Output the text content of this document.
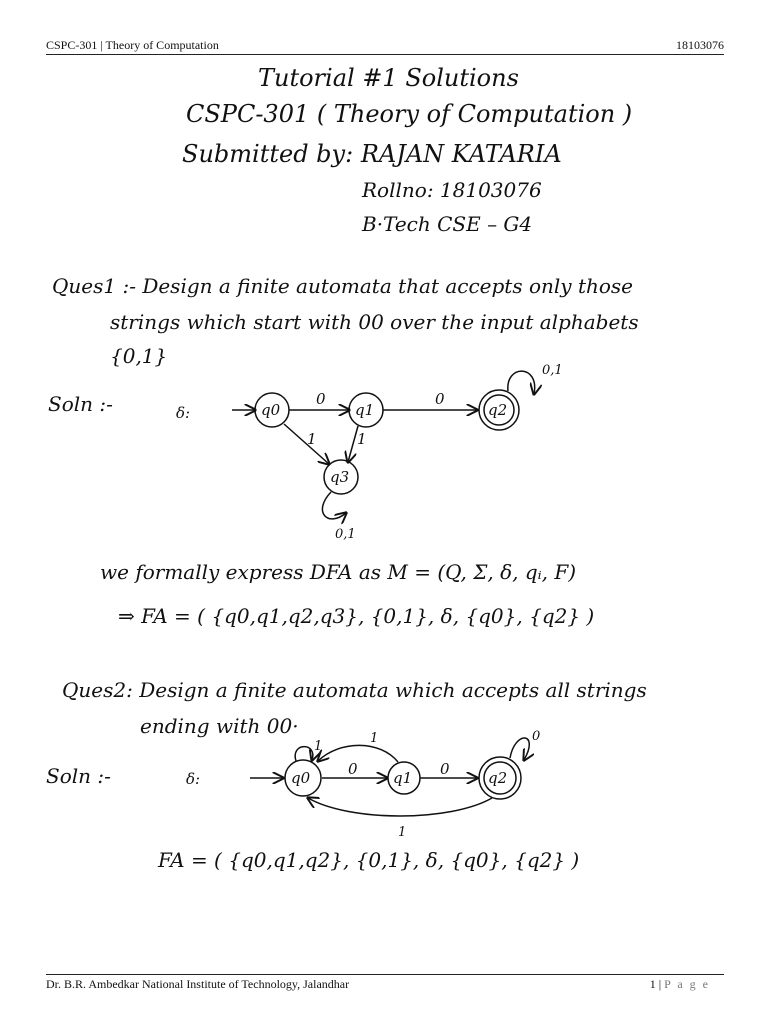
CSPC-301 | Theory of Computation	18103076
Tutorial #1 Solutions
CSPC-301 ( Theory of Computation )
Submitted by: RAJAN KATARIA
Rollno: 18103076
B·Tech CSE – G4
Ques1 :- Design a finite automata that accepts only those
strings which start with 00 over the input alphabets
{0,1}
Soln :-	δ:	q0
0
q1
0
q2
0,1
1	1
q3
0,1
we formally express DFA as M = (Q, Σ, δ, qᵢ, F)
⇒ FA = ( {q0,q1,q2,q3}, {0,1}, δ, {q0}, {q2} )
Ques2: Design a finite automata which accepts all strings
ending with 00·
Soln :-	δ:	q0
1
0 q1
1
0	q2
0
1
FA = ( {q0,q1,q2}, {0,1}, δ, {q0}, {q2} )
Dr. B.R. Ambedkar National Institute of Technology, Jalandhar	1 | P a g e
